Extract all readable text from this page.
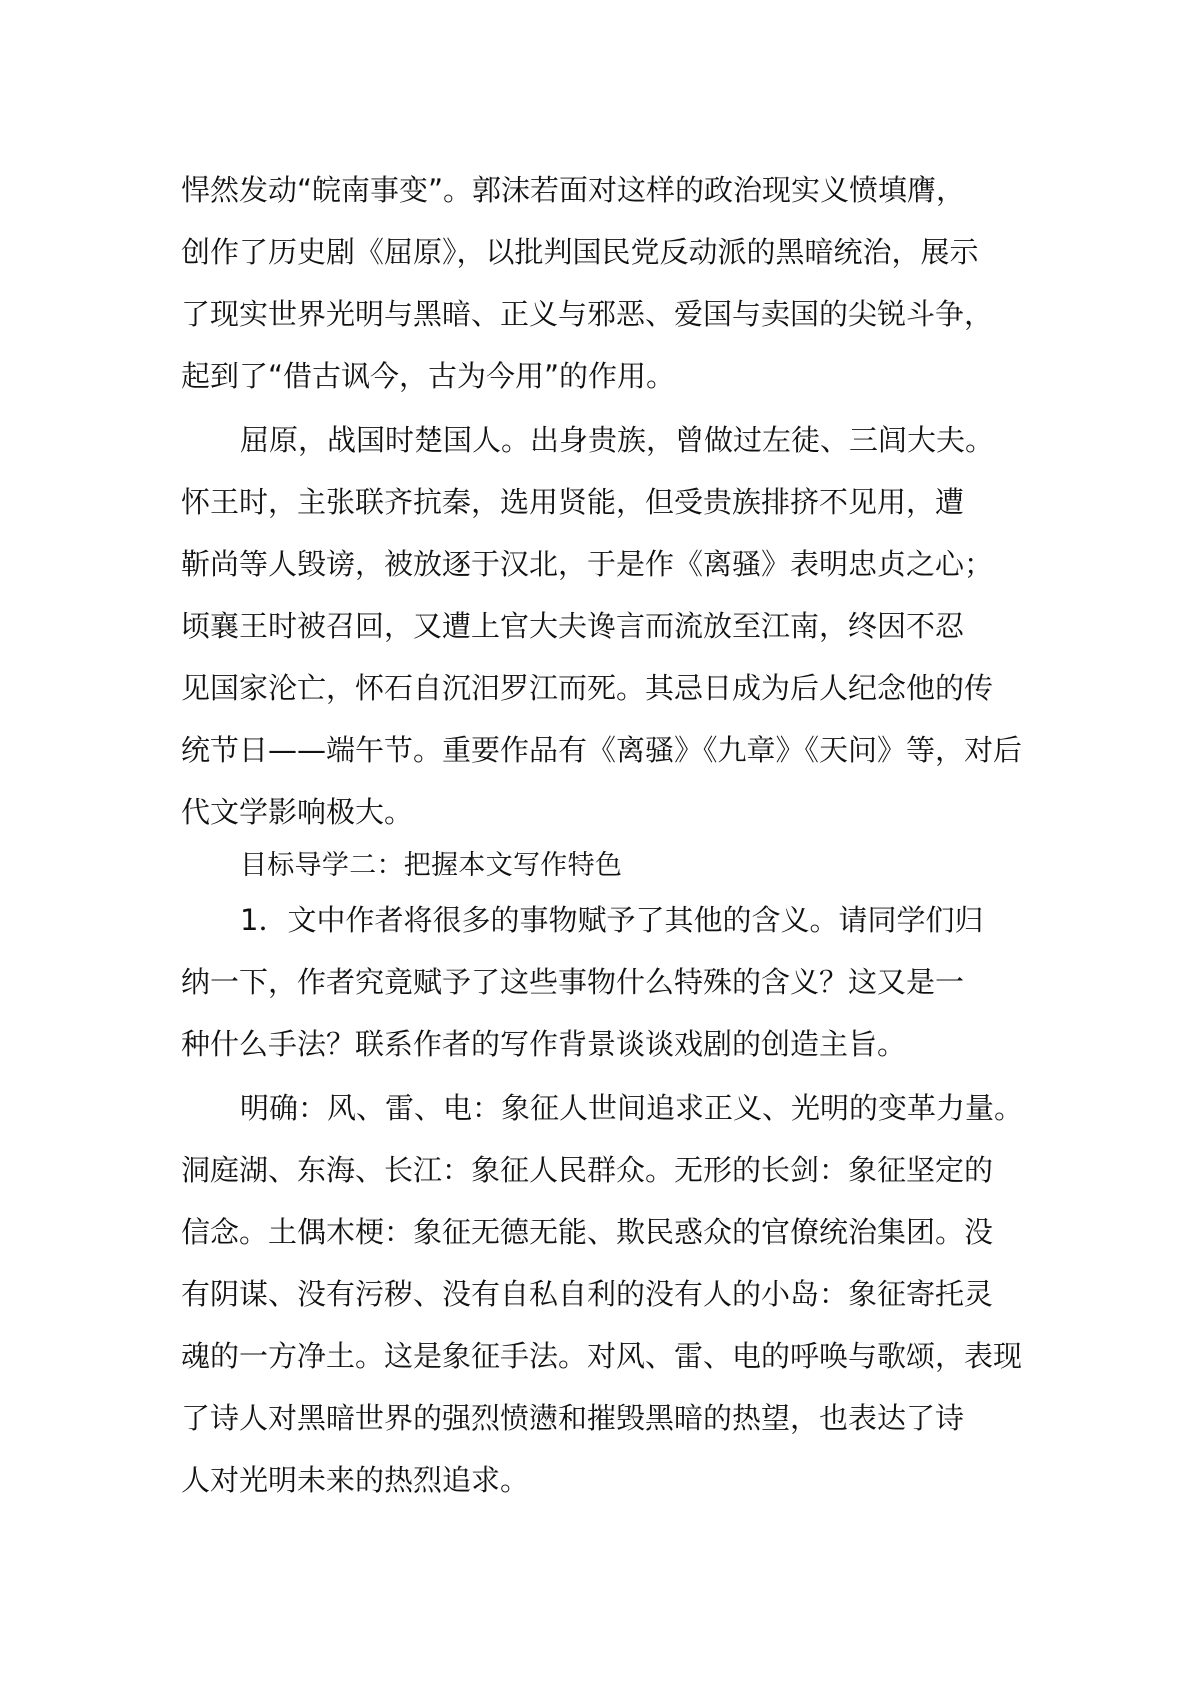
悍然发动“皖南事变”。郭沫若面对这样的政治现实义愤填膺，
创作了历史剧《屈原》，以批判国民党反动派的黑暗统治，展示
了现实世界光明与黑暗、正义与邪恶、爱国与卖国的尖锐斗争，
起到了“借古讽今，古为今用”的作用。
屈原，战国时楚国人。出身贵族，曾做过左徒、三闾大夫。
怀王时，主张联齐抗秦，选用贤能，但受贵族排挤不见用，遭
靳尚等人毁谤，被放逐于汉北，于是作《离骚》表明忠贞之心；
顷襄王时被召回，又遭上官大夫谗言而流放至江南，终因不忍
见国家沦亡，怀石自沉汨罗江而死。其忌日成为后人纪念他的传
统节日——端午节。重要作品有《离骚》《九章》《天问》等，对后
代文学影响极大。
目标导学二：把握本文写作特色
1．文中作者将很多的事物赋予了其他的含义。请同学们归
纳一下，作者究竟赋予了这些事物什么特殊的含义？这又是一
种什么手法？联系作者的写作背景谈谈戏剧的创造主旨。
明确：风、雷、电：象征人世间追求正义、光明的变革力量。
洞庭湖、东海、长江：象征人民群众。无形的长剑：象征坚定的
信念。土偶木梗：象征无德无能、欺民惑众的官僚统治集团。没
有阴谋、没有污秽、没有自私自利的没有人的小岛：象征寄托灵
魂的一方净土。这是象征手法。对风、雷、电的呼唤与歌颂，表现
了诗人对黑暗世界的强烈愤懑和摧毁黑暗的热望，也表达了诗
人对光明未来的热烈追求。
